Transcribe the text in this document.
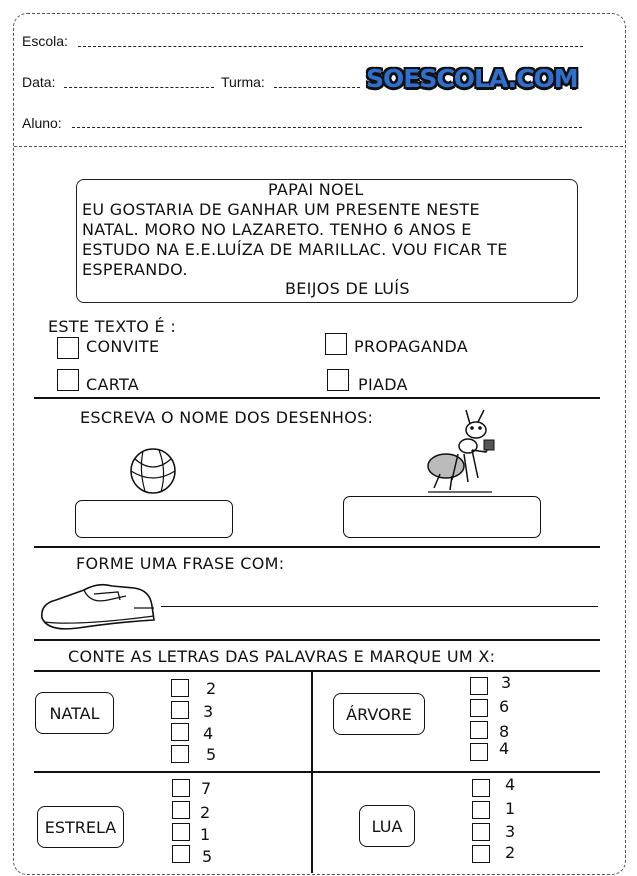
Escola:
Data:	Turma:	SOESCOLA.COM
Aluno:
PAPAI NOEL
EU GOSTARIA DE GANHAR UM PRESENTE NESTE
NATAL. MORO NO LAZARETO. TENHO 6 ANOS E
ESTUDO NA E.E.LUÍZA DE MARILLAC. VOU FICAR TE
ESPERANDO.
BEIJOS DE LUÍS
ESTE TEXTO É :
CONVITE	PROPAGANDA
CARTA	PIADA
ESCREVA O NOME DOS DESENHOS:
FORME UMA FRASE COM:
CONTE AS LETRAS DAS PALAVRAS E MARQUE UM X:
NATAL
2
3
4
5
ÁRVORE
3
6
8
4
ESTRELA
7
2
1
5
LUA
4
1
3
2
